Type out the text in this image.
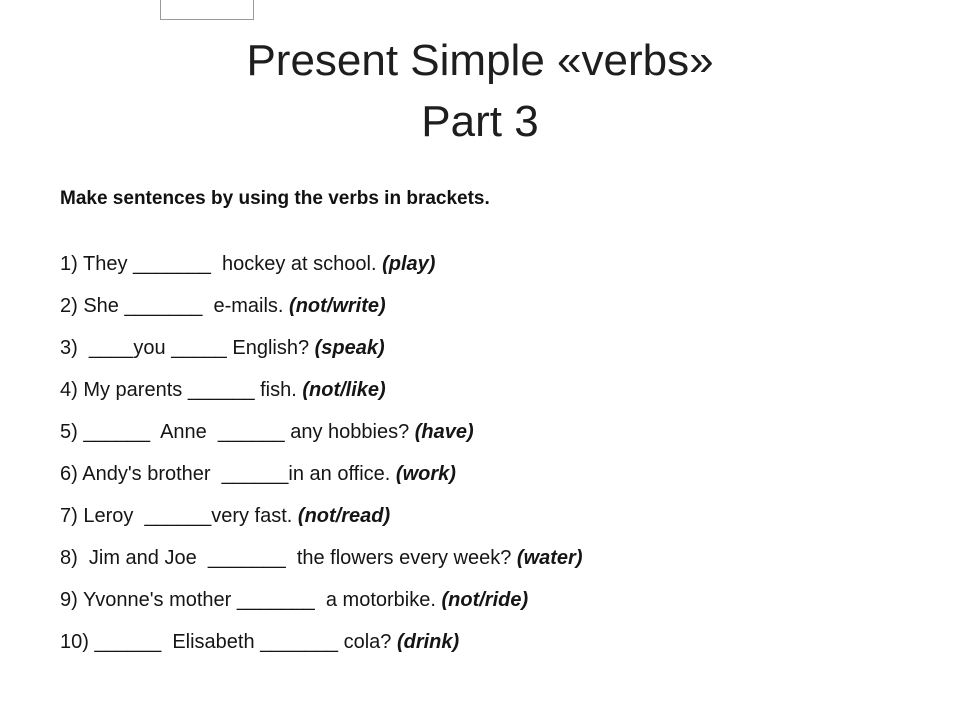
Present Simple «verbs»
Part 3
Make sentences by using the verbs in brackets.
1) They _______  hockey at school. (play)
2) She _______  e-mails. (not/write)
3)  ____you _____ English? (speak)
4) My parents ______ fish. (not/like)
5) ______  Anne  ______ any hobbies? (have)
6) Andy's brother  ______in an office. (work)
7) Leroy  ______very fast. (not/read)
8)  Jim and Joe  _______  the flowers every week? (water)
9) Yvonne's mother _______  a motorbike. (not/ride)
10) ______  Elisabeth _______ cola? (drink)
